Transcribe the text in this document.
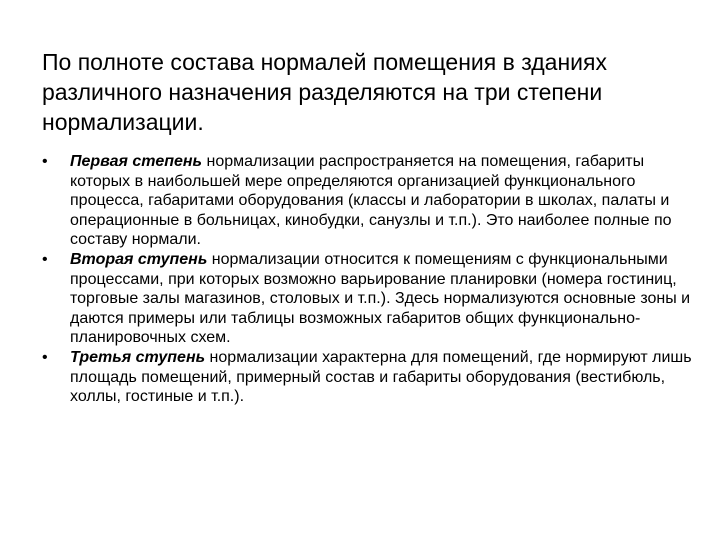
По полноте состава нормалей помещения в зданиях различного назначения разделяются на три степени нормализации.
• Первая степень нормализации распространяется на помещения, габариты которых в наибольшей мере определяются организацией функционального процесса, габаритами оборудования (классы и лаборатории в школах, палаты и операционные в больницах, кинобудки, санузлы и т.п.). Это наиболее полные по составу нормали.
• Вторая ступень нормализации относится к помещениям с функциональными процессами, при которых возможно варьирование планировки (номера гостиниц, торговые залы магазинов, столовых и т.п.). Здесь нормализуются основные зоны и даются примеры или таблицы возможных габаритов общих функционально-планировочных схем.
• Третья ступень нормализации характерна для помещений, где нормируют лишь площадь помещений, примерный состав и габариты оборудования (вестибюль, холлы, гостиные и т.п.).
